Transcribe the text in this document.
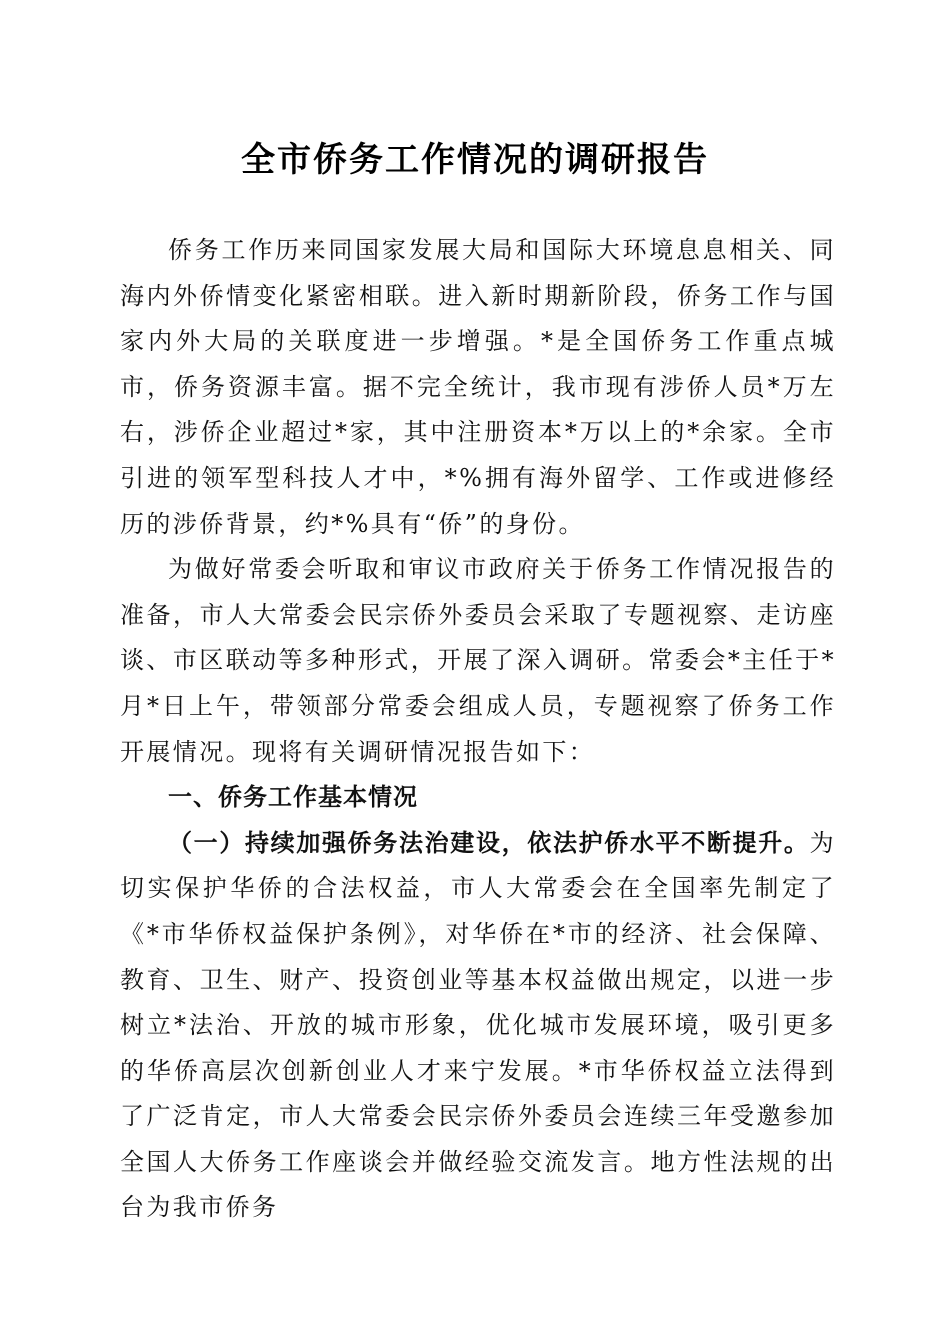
全市侨务工作情况的调研报告

侨务工作历来同国家发展大局和国际大环境息息相关、同海内外侨情变化紧密相联。进入新时期新阶段，侨务工作与国家内外大局的关联度进一步增强。*是全国侨务工作重点城市，侨务资源丰富。据不完全统计，我市现有涉侨人员*万左右，涉侨企业超过*家，其中注册资本*万以上的*余家。全市引进的领军型科技人才中，*%拥有海外留学、工作或进修经历的涉侨背景，约*%具有“侨”的身份。

为做好常委会听取和审议市政府关于侨务工作情况报告的准备，市人大常委会民宗侨外委员会采取了专题视察、走访座谈、市区联动等多种形式，开展了深入调研。常委会*主任于*月*日上午，带领部分常委会组成人员，专题视察了侨务工作开展情况。现将有关调研情况报告如下：

一、侨务工作基本情况

（一）持续加强侨务法治建设，依法护侨水平不断提升。为切实保护华侨的合法权益，市人大常委会在全国率先制定了《*市华侨权益保护条例》，对华侨在*市的经济、社会保障、教育、卫生、财产、投资创业等基本权益做出规定，以进一步树立*法治、开放的城市形象，优化城市发展环境，吸引更多的华侨高层次创新创业人才来宁发展。*市华侨权益立法得到了广泛肯定，市人大常委会民宗侨外委员会连续三年受邀参加全国人大侨务工作座谈会并做经验交流发言。地方性法规的出台为我市侨务
